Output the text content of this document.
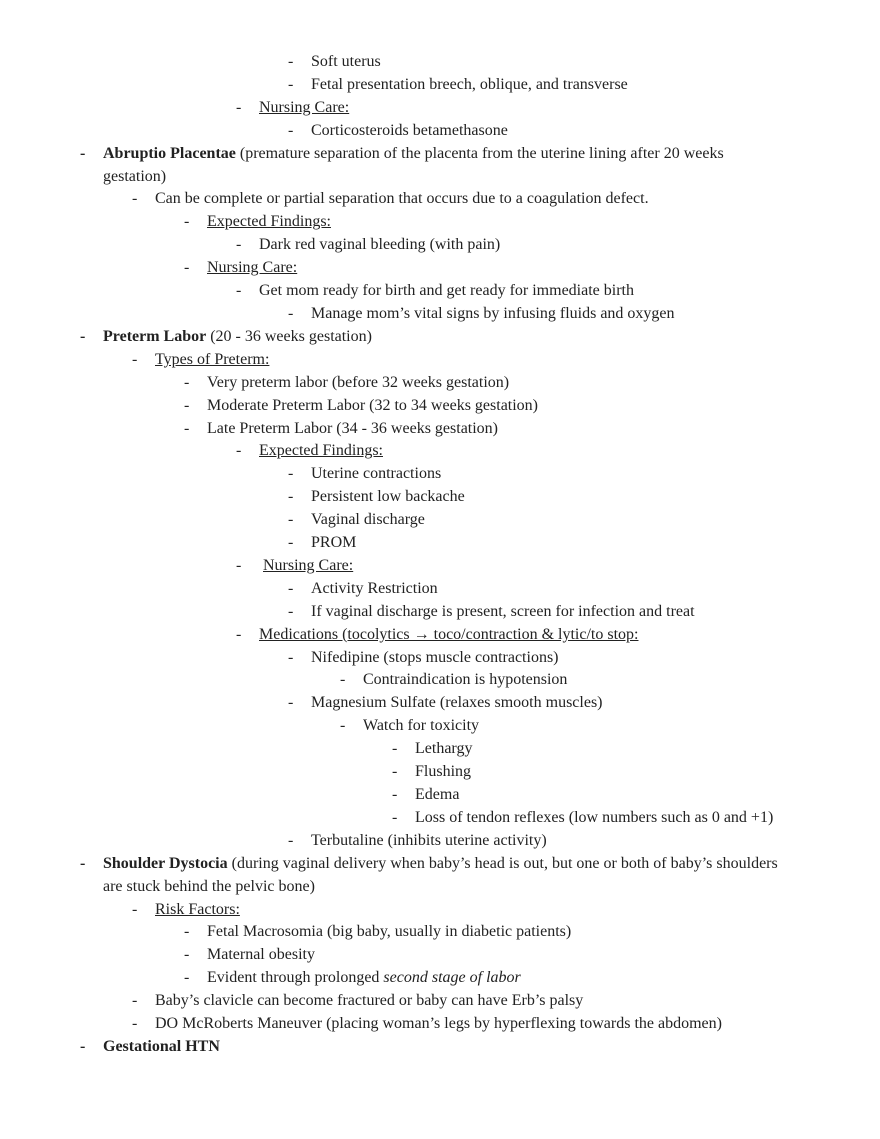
- Soft uterus
- Fetal presentation breech, oblique, and transverse
- Nursing Care:
- Corticosteroids betamethasone
- Abruptio Placentae (premature separation of the placenta from the uterine lining after 20 weeks gestation)
- Can be complete or partial separation that occurs due to a coagulation defect.
- Expected Findings:
- Dark red vaginal bleeding (with pain)
- Nursing Care:
- Get mom ready for birth and get ready for immediate birth
- Manage mom’s vital signs by infusing fluids and oxygen
- Preterm Labor (20 - 36 weeks gestation)
- Types of Preterm:
- Very preterm labor (before 32 weeks gestation)
- Moderate Preterm Labor (32 to 34 weeks gestation)
- Late Preterm Labor (34 - 36 weeks gestation)
- Expected Findings:
- Uterine contractions
- Persistent low backache
- Vaginal discharge
- PROM
- Nursing Care:
- Activity Restriction
- If vaginal discharge is present, screen for infection and treat
- Medications (tocolytics → toco/contraction & lytic/to stop:
- Nifedipine (stops muscle contractions)
- Contraindication is hypotension
- Magnesium Sulfate (relaxes smooth muscles)
- Watch for toxicity
- Lethargy
- Flushing
- Edema
- Loss of tendon reflexes (low numbers such as 0 and +1)
- Terbutaline (inhibits uterine activity)
- Shoulder Dystocia (during vaginal delivery when baby’s head is out, but one or both of baby’s shoulders are stuck behind the pelvic bone)
- Risk Factors:
- Fetal Macrosomia (big baby, usually in diabetic patients)
- Maternal obesity
- Evident through prolonged second stage of labor
- Baby’s clavicle can become fractured or baby can have Erb’s palsy
- DO McRoberts Maneuver (placing woman’s legs by hyperflexing towards the abdomen)
- Gestational HTN
